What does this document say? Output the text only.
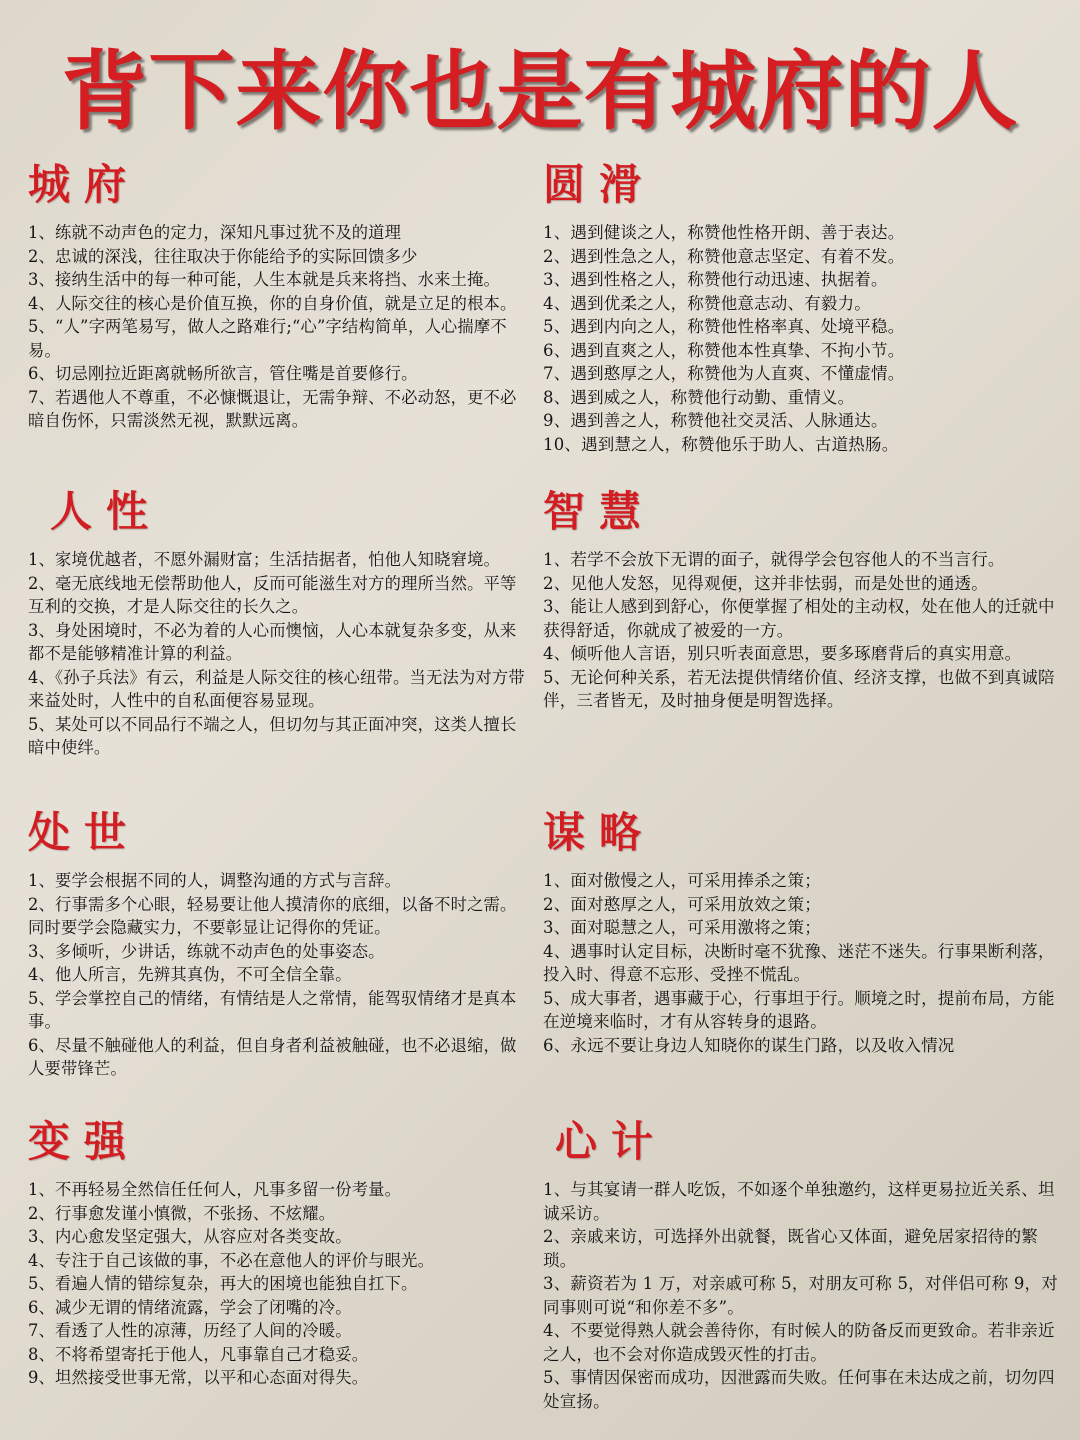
背下来你也是有城府的人
城府

1、练就不动声色的定力，深知凡事过犹不及的道理

2、忠诚的深浅，往往取决于你能给予的实际回馈多少

3、接纳生活中的每一种可能，人生本就是兵来将挡、水来土掩。

4、人际交往的核心是价值互换，你的自身价值，就是立足的根本。

5、“人”字两笔易写，做人之路难行;“心”字结构简单，人心揣摩不易。

6、切忌刚拉近距离就畅所欲言，管住嘴是首要修行。

7、若遇他人不尊重，不必慷慨退让，无需争辩、不必动怒，更不必暗自伤怀，只需淡然无视，默默远离。

圆滑

1、遇到健谈之人，称赞他性格开朗、善于表达。

2、遇到性急之人，称赞他意志坚定、有着不发。

3、遇到性格之人，称赞他行动迅速、执据着。

4、遇到优柔之人，称赞他意志动、有毅力。

5、遇到内向之人，称赞他性格率真、处境平稳。

6、遇到直爽之人，称赞他本性真挚、不拘小节。

7、遇到憨厚之人，称赞他为人直爽、不懂虚情。

8、遇到威之人，称赞他行动勤、重情义。

9、遇到善之人，称赞他社交灵活、人脉通达。

10、遇到慧之人，称赞他乐于助人、古道热肠。

人性

1、家境优越者，不愿外漏财富；生活拮据者，怕他人知晓窘境。

2、毫无底线地无偿帮助他人，反而可能滋生对方的理所当然。平等互利的交换，才是人际交往的长久之。

3、身处困境时，不必为着的人心而懊恼，人心本就复杂多变，从来都不是能够精准计算的利益。

4、《孙子兵法》有云，利益是人际交往的核心纽带。当无法为对方带来益处时，人性中的自私面便容易显现。

5、某处可以不同品行不端之人，但切勿与其正面冲突，这类人擅长暗中使绊。

智慧

1、若学不会放下无谓的面子，就得学会包容他人的不当言行。

2、见他人发怒，见得观便，这并非怯弱，而是处世的通透。

3、能让人感到到舒心，你便掌握了相处的主动权，处在他人的迁就中获得舒适，你就成了被爱的一方。

4、倾听他人言语，别只听表面意思，要多琢磨背后的真实用意。

5、无论何种关系，若无法提供情绪价值、经济支撑，也做不到真诚陪伴，三者皆无，及时抽身便是明智选择。

处世

1、要学会根据不同的人，调整沟通的方式与言辞。

2、行事需多个心眼，轻易要让他人摸清你的底细，以备不时之需。同时要学会隐藏实力，不要彰显让记得你的凭证。

3、多倾听，少讲话，练就不动声色的处事姿态。

4、他人所言，先辨其真伪，不可全信全靠。

5、学会掌控自己的情绪，有情结是人之常情，能驾驭情绪才是真本事。

6、尽量不触碰他人的利益，但自身者利益被触碰，也不必退缩，做人要带锋芒。

谋略

1、面对傲慢之人，可采用捧杀之策；

2、面对憨厚之人，可采用放效之策；

3、面对聪慧之人，可采用激将之策；

4、遇事时认定目标，决断时毫不犹豫、迷茫不迷失。行事果断利落，投入时、得意不忘形、受挫不慌乱。

5、成大事者，遇事藏于心，行事坦于行。顺境之时，提前布局，方能在逆境来临时，才有从容转身的退路。

6、永远不要让身边人知晓你的谋生门路，以及收入情况

变强

1、不再轻易全然信任任何人，凡事多留一份考量。

2、行事愈发谨小慎微，不张扬、不炫耀。

3、内心愈发坚定强大，从容应对各类变故。

4、专注于自己该做的事，不必在意他人的评价与眼光。

5、看遍人情的错综复杂，再大的困境也能独自扛下。

6、减少无谓的情绪流露，学会了闭嘴的冷。

7、看透了人性的凉薄，历经了人间的冷暖。

8、不将希望寄托于他人，凡事靠自己才稳妥。

9、坦然接受世事无常，以平和心态面对得失。

心计

1、与其宴请一群人吃饭，不如逐个单独邀约，这样更易拉近关系、坦诚采访。

2、亲戚来访，可选择外出就餐，既省心又体面，避免居家招待的繁琐。

3、薪资若为 1 万，对亲戚可称 5，对朋友可称 5，对伴侣可称 9，对同事则可说“和你差不多”。

4、不要觉得熟人就会善待你，有时候人的防备反而更致命。若非亲近之人，也不会对你造成毁灭性的打击。

5、事情因保密而成功，因泄露而失败。任何事在未达成之前，切勿四处宣扬。
